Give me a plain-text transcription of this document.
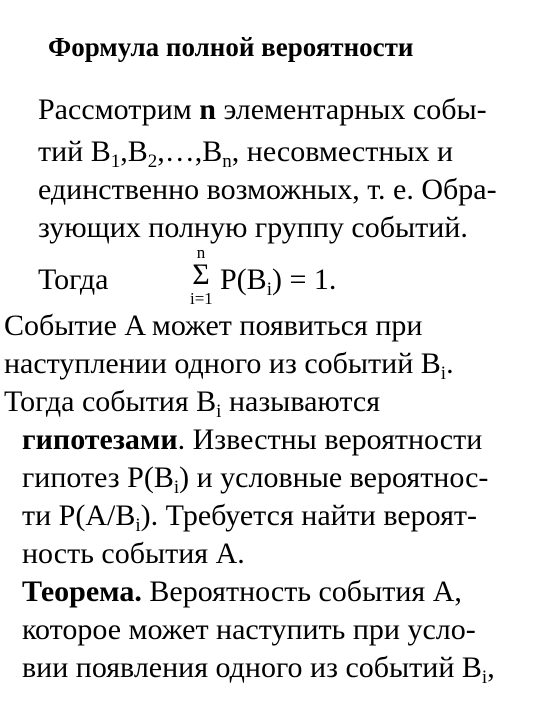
Формула полной вероятности
Рассмотрим n элементарных собы-
тий $B_1,B_2,\dots,B_n$, несовместных и
единственно возможных, т. е. Обра-
зующих полную группу событий.
Тогда
n
Σ
i=1
$P(B_i) = 1$.
Событие A может появиться при
наступлении одного из событий $B_i$.
Тогда события $B_i$ называются
гипотезами. Известны вероятности
гипотез $P(B_i)$ и условные вероятнос-
ти $P(A/B_i)$. Требуется найти вероят-
ность события A.
Теорема. Вероятность события A,
которое может наступить при усло-
вии появления одного из событий $B_i$,
